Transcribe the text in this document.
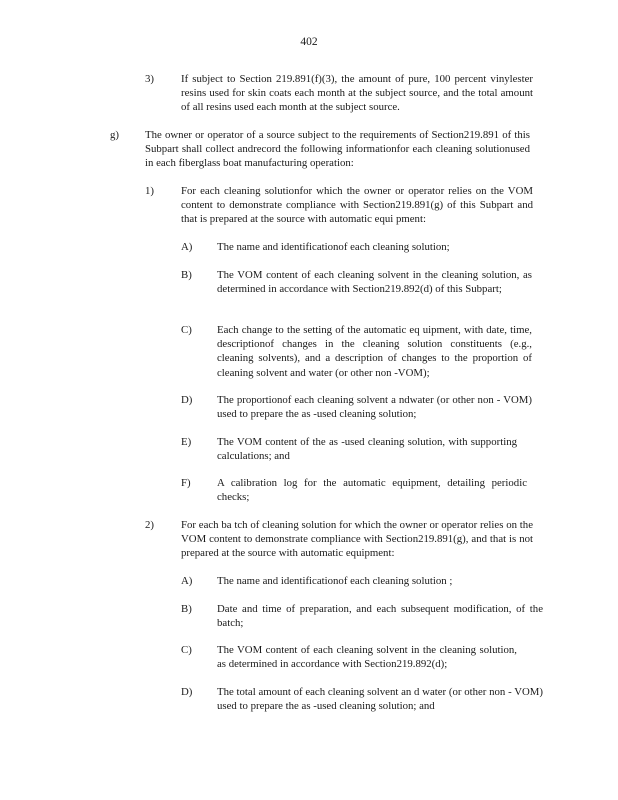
402
3)	If subject to Section 219.891(f)(3), the amount of pure, 100 percent vinylester resins used for skin coats each month at the subject source, and the total amount of all resins used each month at the subject source.
g) The owner or operator of a source subject to the requirements of Section219.891 of this Subpart shall collect andrecord the following informationfor each cleaning solutionused in each fiberglass boat manufacturing operation:
1)	For each cleaning solutionfor which the owner or operator relies on the VOM content to demonstrate compliance with Section219.891(g) of this Subpart and that is prepared at the source with automatic equi pment:
A) The name and identificationof each cleaning solution;
B) The VOM content of each cleaning solvent in the cleaning solution, as determined in accordance with Section219.892(d) of this Subpart;
C) Each change to the setting of the automatic eq uipment, with date, time, descriptionof changes in the cleaning solution constituents (e.g., cleaning solvents), and a description of changes to the proportion of cleaning solvent and water (or other non -VOM);
D) The proportionof each cleaning solvent a ndwater (or other non - VOM) used to prepare the as -used cleaning solution;
E) The VOM content of the as -used cleaning solution, with supporting calculations; and
F) A calibration log for the automatic equipment, detailing periodic checks;
2)	For each ba tch of cleaning solution for which the owner or operator relies on the VOM content to demonstrate compliance with Section219.891(g), and that is not prepared at the source with automatic equipment:
A) The name and identificationof each cleaning solution ;
B) Date and time of preparation, and each subsequent modification, of the batch;
C) The VOM content of each cleaning solvent in the cleaning solution, as determined in accordance with Section219.892(d);
D) The total amount of each cleaning solvent an d water (or other non - VOM) used to prepare the as -used cleaning solution; and
